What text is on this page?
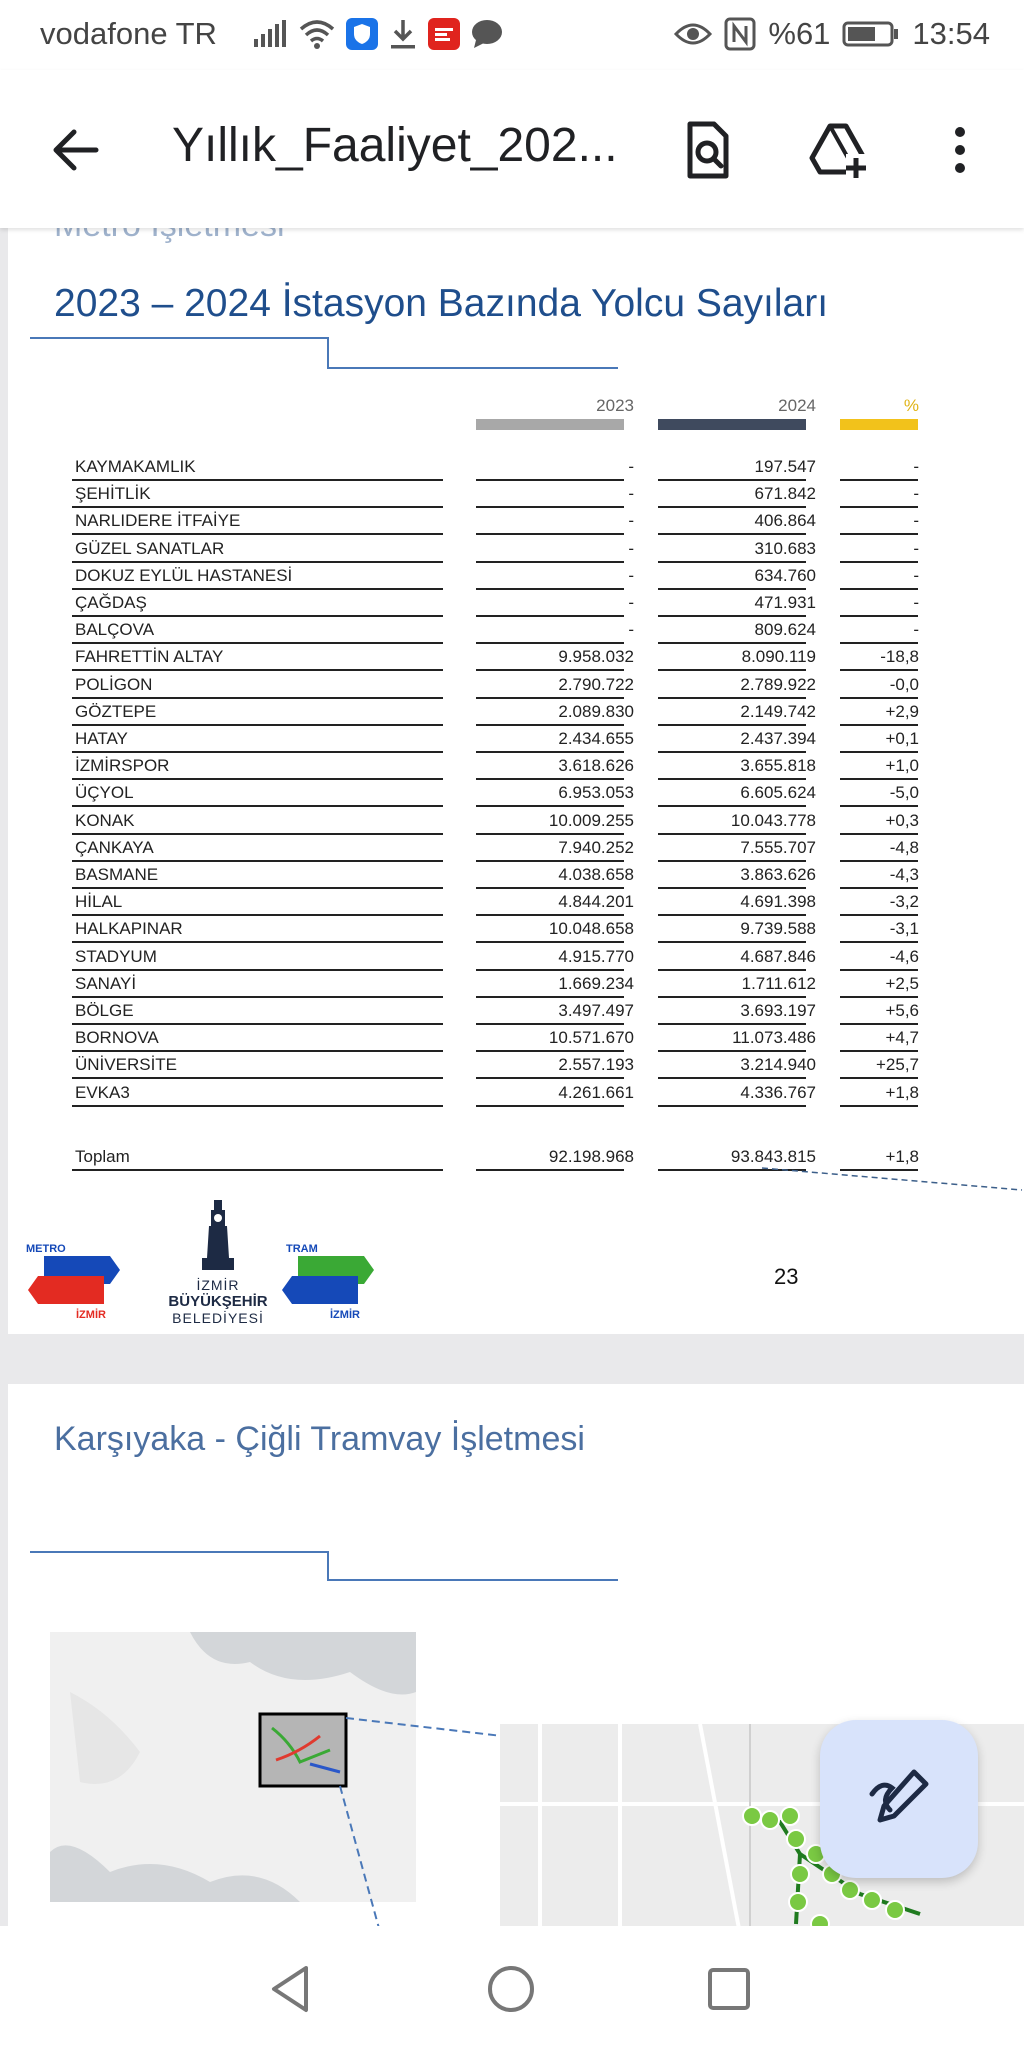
vodafone TR	%61	13:54
Yıllık_Faaliyet_202...
2023 – 2024 İstasyon Bazında Yolcu Sayıları
2023	2024	%
KAYMAKAMLIK	-	197.547	-
ŞEHİTLİK	-	671.842	-
NARLIDERE İTFAİYE	-	406.864	-
GÜZEL SANATLAR	-	310.683	-
DOKUZ EYLÜL HASTANESİ	-	634.760	-
ÇAĞDAŞ	-	471.931	-
BALÇOVA	-	809.624	-
FAHRETTİN ALTAY	9.958.032	8.090.119	-18,8
POLİGON	2.790.722	2.789.922	-0,0
GÖZTEPE	2.089.830	2.149.742	+2,9
HATAY	2.434.655	2.437.394	+0,1
İZMİRSPOR	3.618.626	3.655.818	+1,0
ÜÇYOL	6.953.053	6.605.624	-5,0
KONAK	10.009.255	10.043.778	+0,3
ÇANKAYA	7.940.252	7.555.707	-4,8
BASMANE	4.038.658	3.863.626	-4,3
HİLAL	4.844.201	4.691.398	-3,2
HALKAPINAR	10.048.658	9.739.588	-3,1
STADYUM	4.915.770	4.687.846	-4,6
SANAYİ	1.669.234	1.711.612	+2,5
BÖLGE	3.497.497	3.693.197	+5,6
BORNOVA	10.571.670	11.073.486	+4,7
ÜNİVERSİTE	2.557.193	3.214.940	+25,7
EVKA3	4.261.661	4.336.767	+1,8
Toplam	92.198.968	93.843.815	+1,8
METRO
İZMİR
İZMİR
BÜYÜKŞEHİR
BELEDİYESİ
TRAM
İZMİR
23
Karşıyaka - Çiğli Tramvay İşletmesi
